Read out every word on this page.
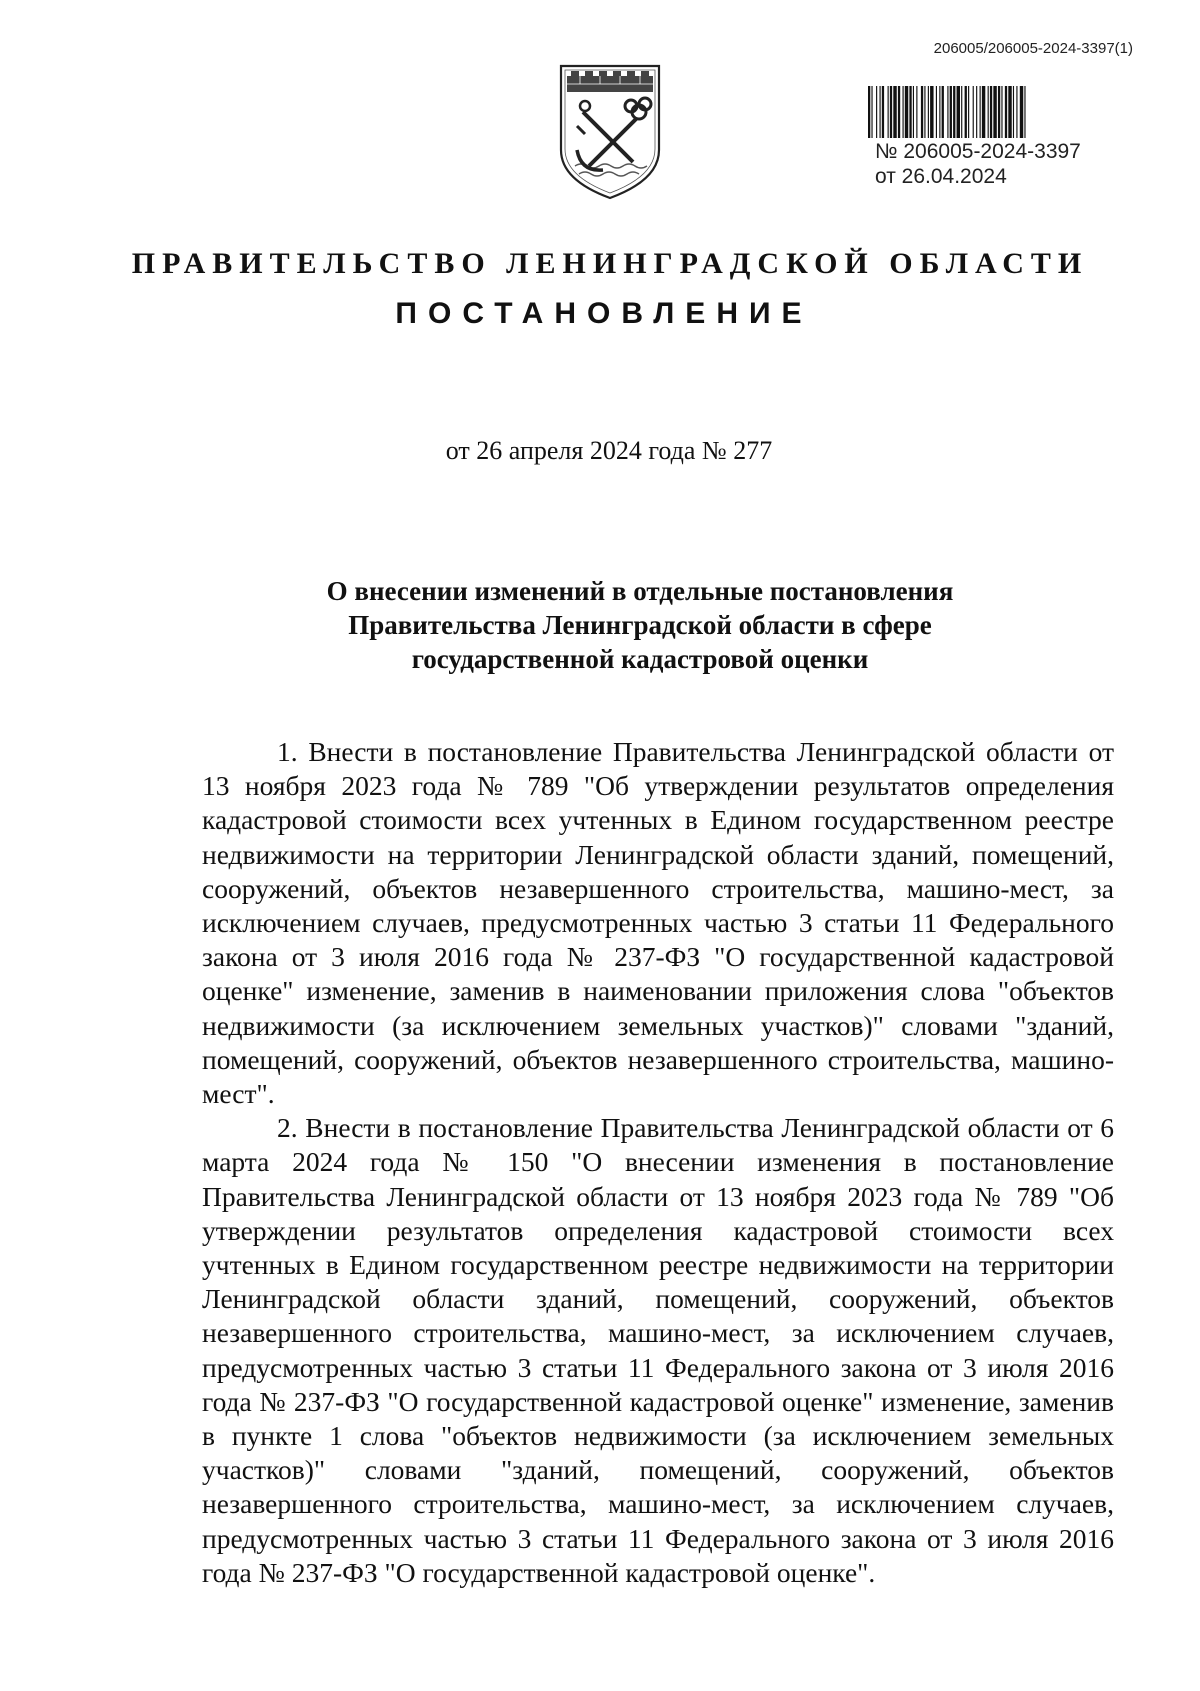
206005/206005-2024-3397(1)
№ 206005-2024-3397
от 26.04.2024
ПРАВИТЕЛЬСТВО ЛЕНИНГРАДСКОЙ ОБЛАСТИ
ПОСТАНОВЛЕНИЕ
от 26 апреля 2024 года № 277
О внесении изменений в отдельные постановления Правительства Ленинградской области в сфере государственной кадастровой оценки

1. Внести в постановление Правительства Ленинградской области от 13 ноября 2023 года № 789 "Об утверждении результатов определения кадастровой стоимости всех учтенных в Едином государственном реестре недвижимости на территории Ленинградской области зданий, помещений, сооружений, объектов незавершенного строительства, машино-мест, за исключением случаев, предусмотренных частью 3 статьи 11 Федерального закона от 3 июля 2016 года № 237-ФЗ "О государственной кадастровой оценке" изменение, заменив в наименовании приложения слова "объектов недвижимости (за исключением земельных участков)" словами "зданий, помещений, сооружений, объектов незавершенного строительства, машино-мест".

2. Внести в постановление Правительства Ленинградской области от 6 марта 2024 года № 150 "О внесении изменения в постановление Правительства Ленинградской области от 13 ноября 2023 года № 789 "Об утверждении результатов определения кадастровой стоимости всех учтенных в Едином государственном реестре недвижимости на территории Ленинградской области зданий, помещений, сооружений, объектов незавершенного строительства, машино-мест, за исключением случаев, предусмотренных частью 3 статьи 11 Федерального закона от 3 июля 2016 года № 237-ФЗ "О государственной кадастровой оценке" изменение, заменив в пункте 1 слова "объектов недвижимости (за исключением земельных участков)" словами "зданий, помещений, сооружений, объектов незавершенного строительства, машино-мест, за исключением случаев, предусмотренных частью 3 статьи 11 Федерального закона от 3 июля 2016 года № 237-ФЗ "О государственной кадастровой оценке".
